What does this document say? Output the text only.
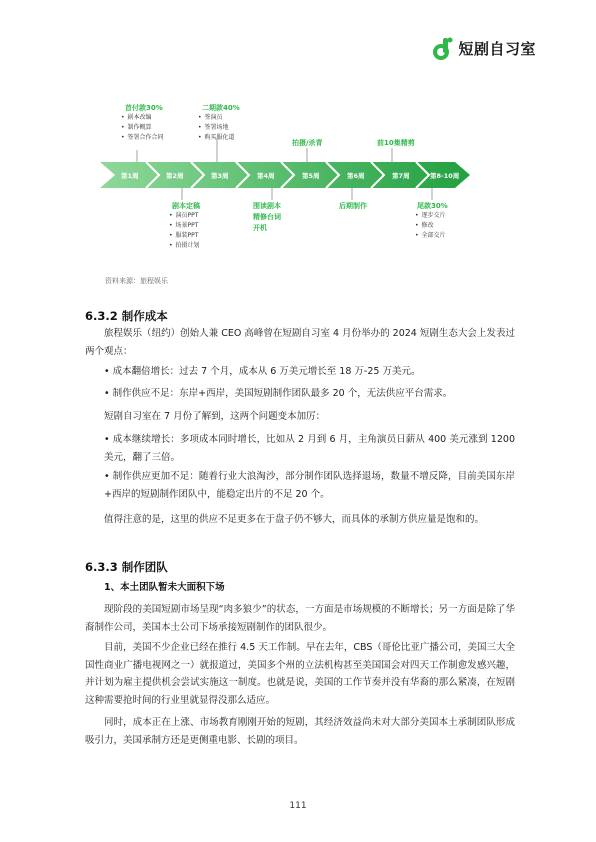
短剧自习室
第1周	第2周	第3周	第4周	第5周	第6周	第7周	第8-10周
首付款30%
• 剧本改编
• 制作概算
• 签署合作合同
二期款40%
• 签演员
• 签署场地
• 购买服化道
拍摄/杀青	前10集精剪
剧本定稿
• 演员PPT
• 场景PPT
• 服装PPT
• 拍摄计划
围读剧本
精修台词
开机
后期制作	尾款30%
• 逐步交片
• 修改
• 全部交片
资料来源：旅程娱乐
6.3.2 制作成本
旅程娱乐（纽约）创始人兼 CEO 高峰曾在短剧自习室 4 月份举办的 2024 短剧生态大会上发表过两个观点：
• 成本翻倍增长：过去 7 个月，成本从 6 万美元增长至 18 万-25 万美元。
• 制作供应不足：东岸+西岸，美国短剧制作团队最多 20 个，无法供应平台需求。
短剧自习室在 7 月份了解到，这两个问题变本加厉：
• 成本继续增长：多项成本同时增长，比如从 2 月到 6 月，主角演员日薪从 400 美元涨到 1200 美元，翻了三倍。
• 制作供应更加不足：随着行业大浪淘沙，部分制作团队选择退场，数量不增反降，目前美国东岸+西岸的短剧制作团队中，能稳定出片的不足 20 个。
值得注意的是，这里的供应不足更多在于盘子仍不够大，而具体的承制方供应量是饱和的。
6.3.3 制作团队
1、本土团队暂未大面积下场
现阶段的美国短剧市场呈现“肉多狼少”的状态，一方面是市场规模的不断增长；另一方面是除了华裔制作公司，美国本土公司下场承接短剧制作的团队很少。
目前，美国不少企业已经在推行 4.5 天工作制。早在去年，CBS（哥伦比亚广播公司，美国三大全国性商业广播电视网之一）就报道过，美国多个州的立法机构甚至美国国会对四天工作制愈发感兴趣，并计划为雇主提供机会尝试实施这一制度。也就是说，美国的工作节奏并没有华裔的那么紧凑，在短剧这种需要抢时间的行业里就显得没那么适应。
同时，成本正在上涨、市场教育刚刚开始的短剧，其经济效益尚未对大部分美国本土承制团队形成吸引力，美国承制方还是更侧重电影、长剧的项目。
111
